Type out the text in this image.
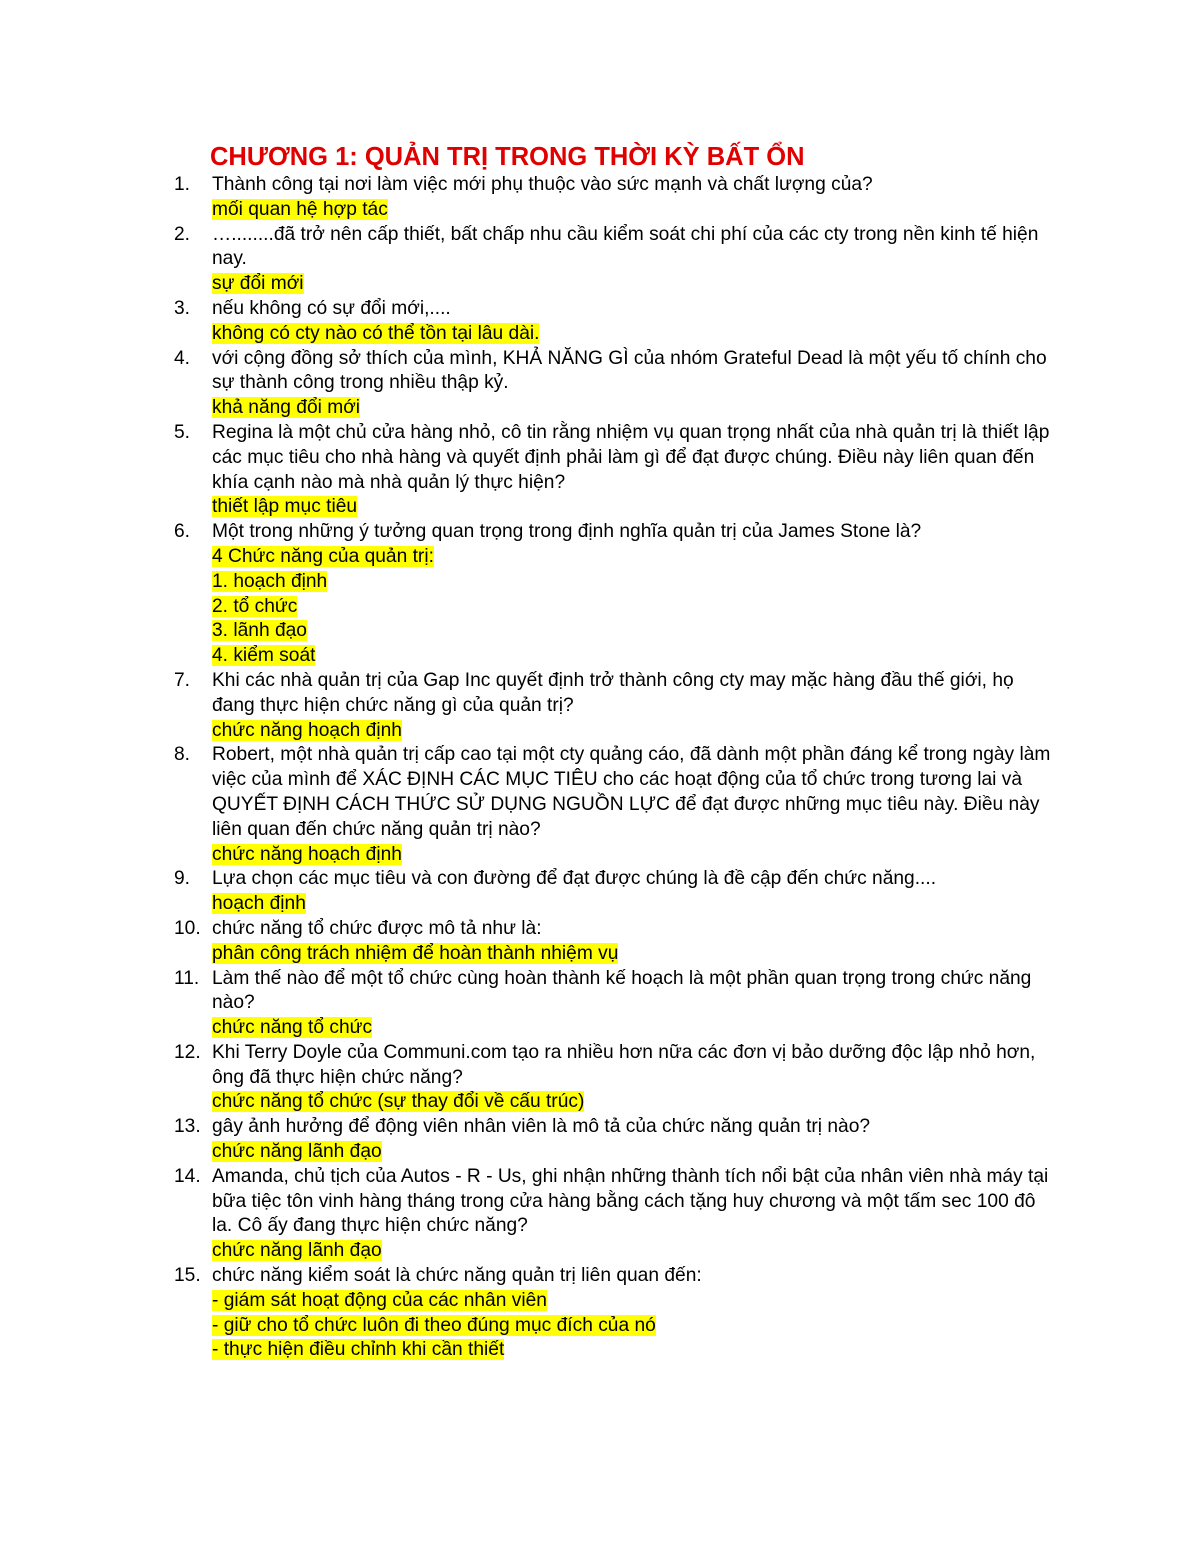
CHƯƠNG 1: QUẢN TRỊ TRONG THỜI KỲ BẤT ỔN
1.	Thành công tại nơi làm việc mới phụ thuộc vào sức mạnh và chất lượng của?
mối quan hệ hợp tác
2.	…........đã trở nên cấp thiết, bất chấp nhu cầu kiểm soát chi phí của các cty trong nền kinh tế hiện nay.
sự đổi mới
3.	nếu không có sự đổi mới,....
không có cty nào có thể tồn tại lâu dài.
4.	với cộng đồng sở thích của mình, KHẢ NĂNG GÌ của nhóm Grateful Dead là một yếu tố chính cho sự thành công trong nhiều thập kỷ.
khả năng đổi mới
5.	Regina là một chủ cửa hàng nhỏ, cô tin rằng nhiệm vụ quan trọng nhất của nhà quản trị là thiết lập các mục tiêu cho nhà hàng và quyết định phải làm gì để đạt được chúng. Điều này liên quan đến khía cạnh nào mà nhà quản lý thực hiện?
thiết lập mục tiêu
6.	Một trong những ý tưởng quan trọng trong định nghĩa quản trị của James Stone là?
4 Chức năng của quản trị:
1. hoạch định
2. tổ chức
3. lãnh đạo
4. kiểm soát
7.	Khi các nhà quản trị của Gap Inc quyết định trở thành công cty may mặc hàng đầu thế giới, họ đang thực hiện chức năng gì của quản trị?
chức năng hoạch định
8.	Robert, một nhà quản trị cấp cao tại một cty quảng cáo, đã dành một phần đáng kể trong ngày làm việc của mình để XÁC ĐỊNH CÁC MỤC TIÊU cho các hoạt động của tổ chức trong tương lai và QUYẾT ĐỊNH CÁCH THỨC SỬ DỤNG NGUỒN LỰC để đạt được những mục tiêu này. Điều này liên quan đến chức năng quản trị nào?
chức năng hoạch định
9.	Lựa chọn các mục tiêu và con đường để đạt được chúng là đề cập đến chức năng....
hoạch định
10. chức năng tổ chức được mô tả như là:
phân công trách nhiệm để hoàn thành nhiệm vụ
11. Làm thế nào để một tổ chức cùng hoàn thành kế hoạch là một phần quan trọng trong chức năng nào?
chức năng tổ chức
12. Khi Terry Doyle của Communi.com tạo ra nhiều hơn nữa các đơn vị bảo dưỡng độc lập nhỏ hơn, ông đã thực hiện chức năng?
chức năng tổ chức (sự thay đổi về cấu trúc)
13. gây ảnh hưởng để động viên nhân viên là mô tả của chức năng quản trị nào?
chức năng lãnh đạo
14. Amanda, chủ tịch của Autos - R - Us, ghi nhận những thành tích nổi bật của nhân viên nhà máy tại bữa tiệc tôn vinh hàng tháng trong cửa hàng bằng cách tặng huy chương và một tấm sec 100 đô la. Cô ấy đang thực hiện chức năng?
chức năng lãnh đạo
15. chức năng kiểm soát là chức năng quản trị liên quan đến:
- giám sát hoạt động của các nhân viên
- giữ cho tổ chức luôn đi theo đúng mục đích của nó
- thực hiện điều chỉnh khi cần thiết
